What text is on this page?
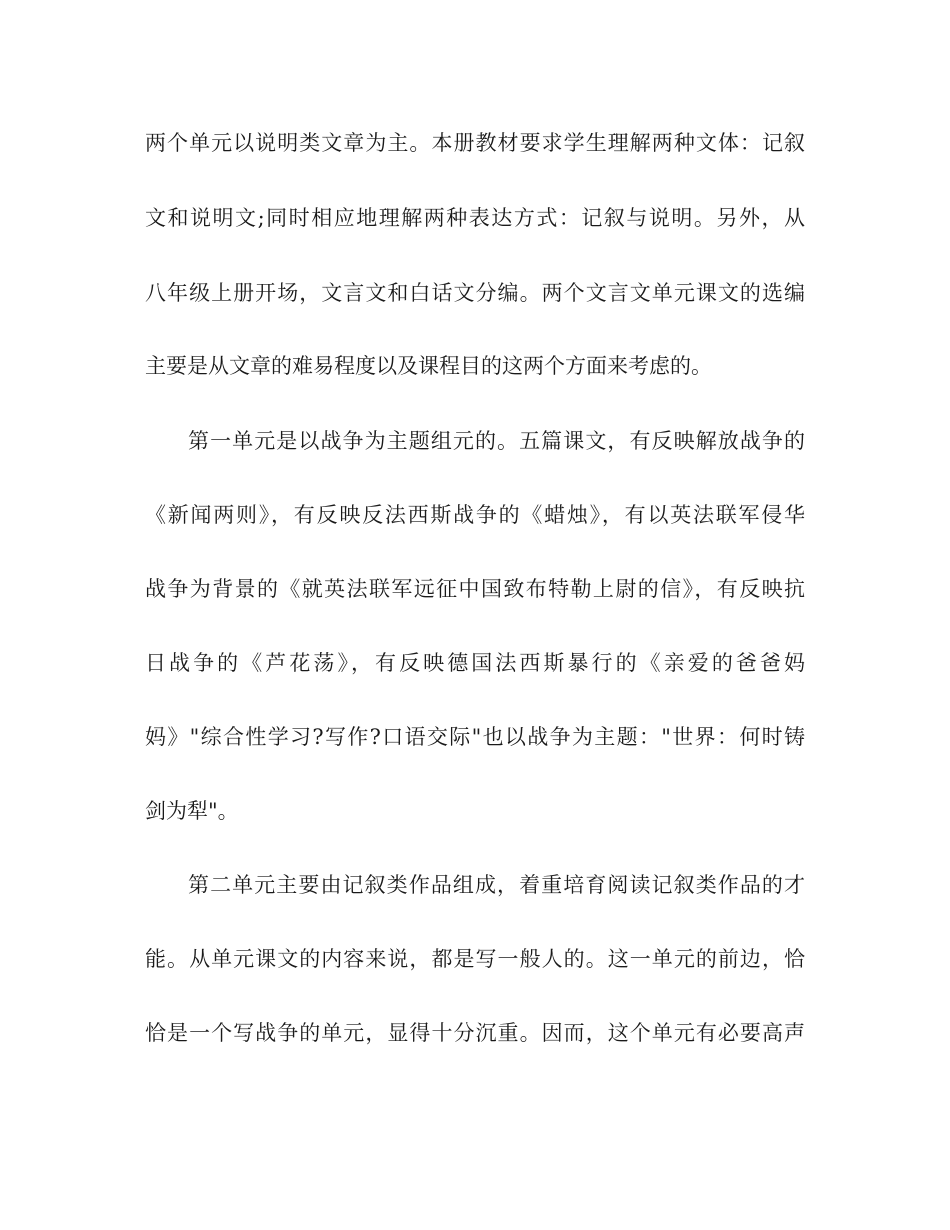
两个单元以说明类文章为主。本册教材要求学生理解两种文体：记叙
文和说明文;同时相应地理解两种表达方式：记叙与说明。另外，从
八年级上册开场，文言文和白话文分编。两个文言文单元课文的选编
主要是从文章的难易程度以及课程目的这两个方面来考虑的。
第一单元是以战争为主题组元的。五篇课文，有反映解放战争的
《新闻两则》，有反映反法西斯战争的《蜡烛》，有以英法联军侵华
战争为背景的《就英法联军远征中国致布特勒上尉的信》，有反映抗
日战争的《芦花荡》，有反映德国法西斯暴行的《亲爱的爸爸妈
妈》"综合性学习?写作?口语交际"也以战争为主题："世界：何时铸
剑为犁"。
第二单元主要由记叙类作品组成，着重培育阅读记叙类作品的才
能。从单元课文的内容来说，都是写一般人的。这一单元的前边，恰
恰是一个写战争的单元，显得十分沉重。因而，这个单元有必要高声
